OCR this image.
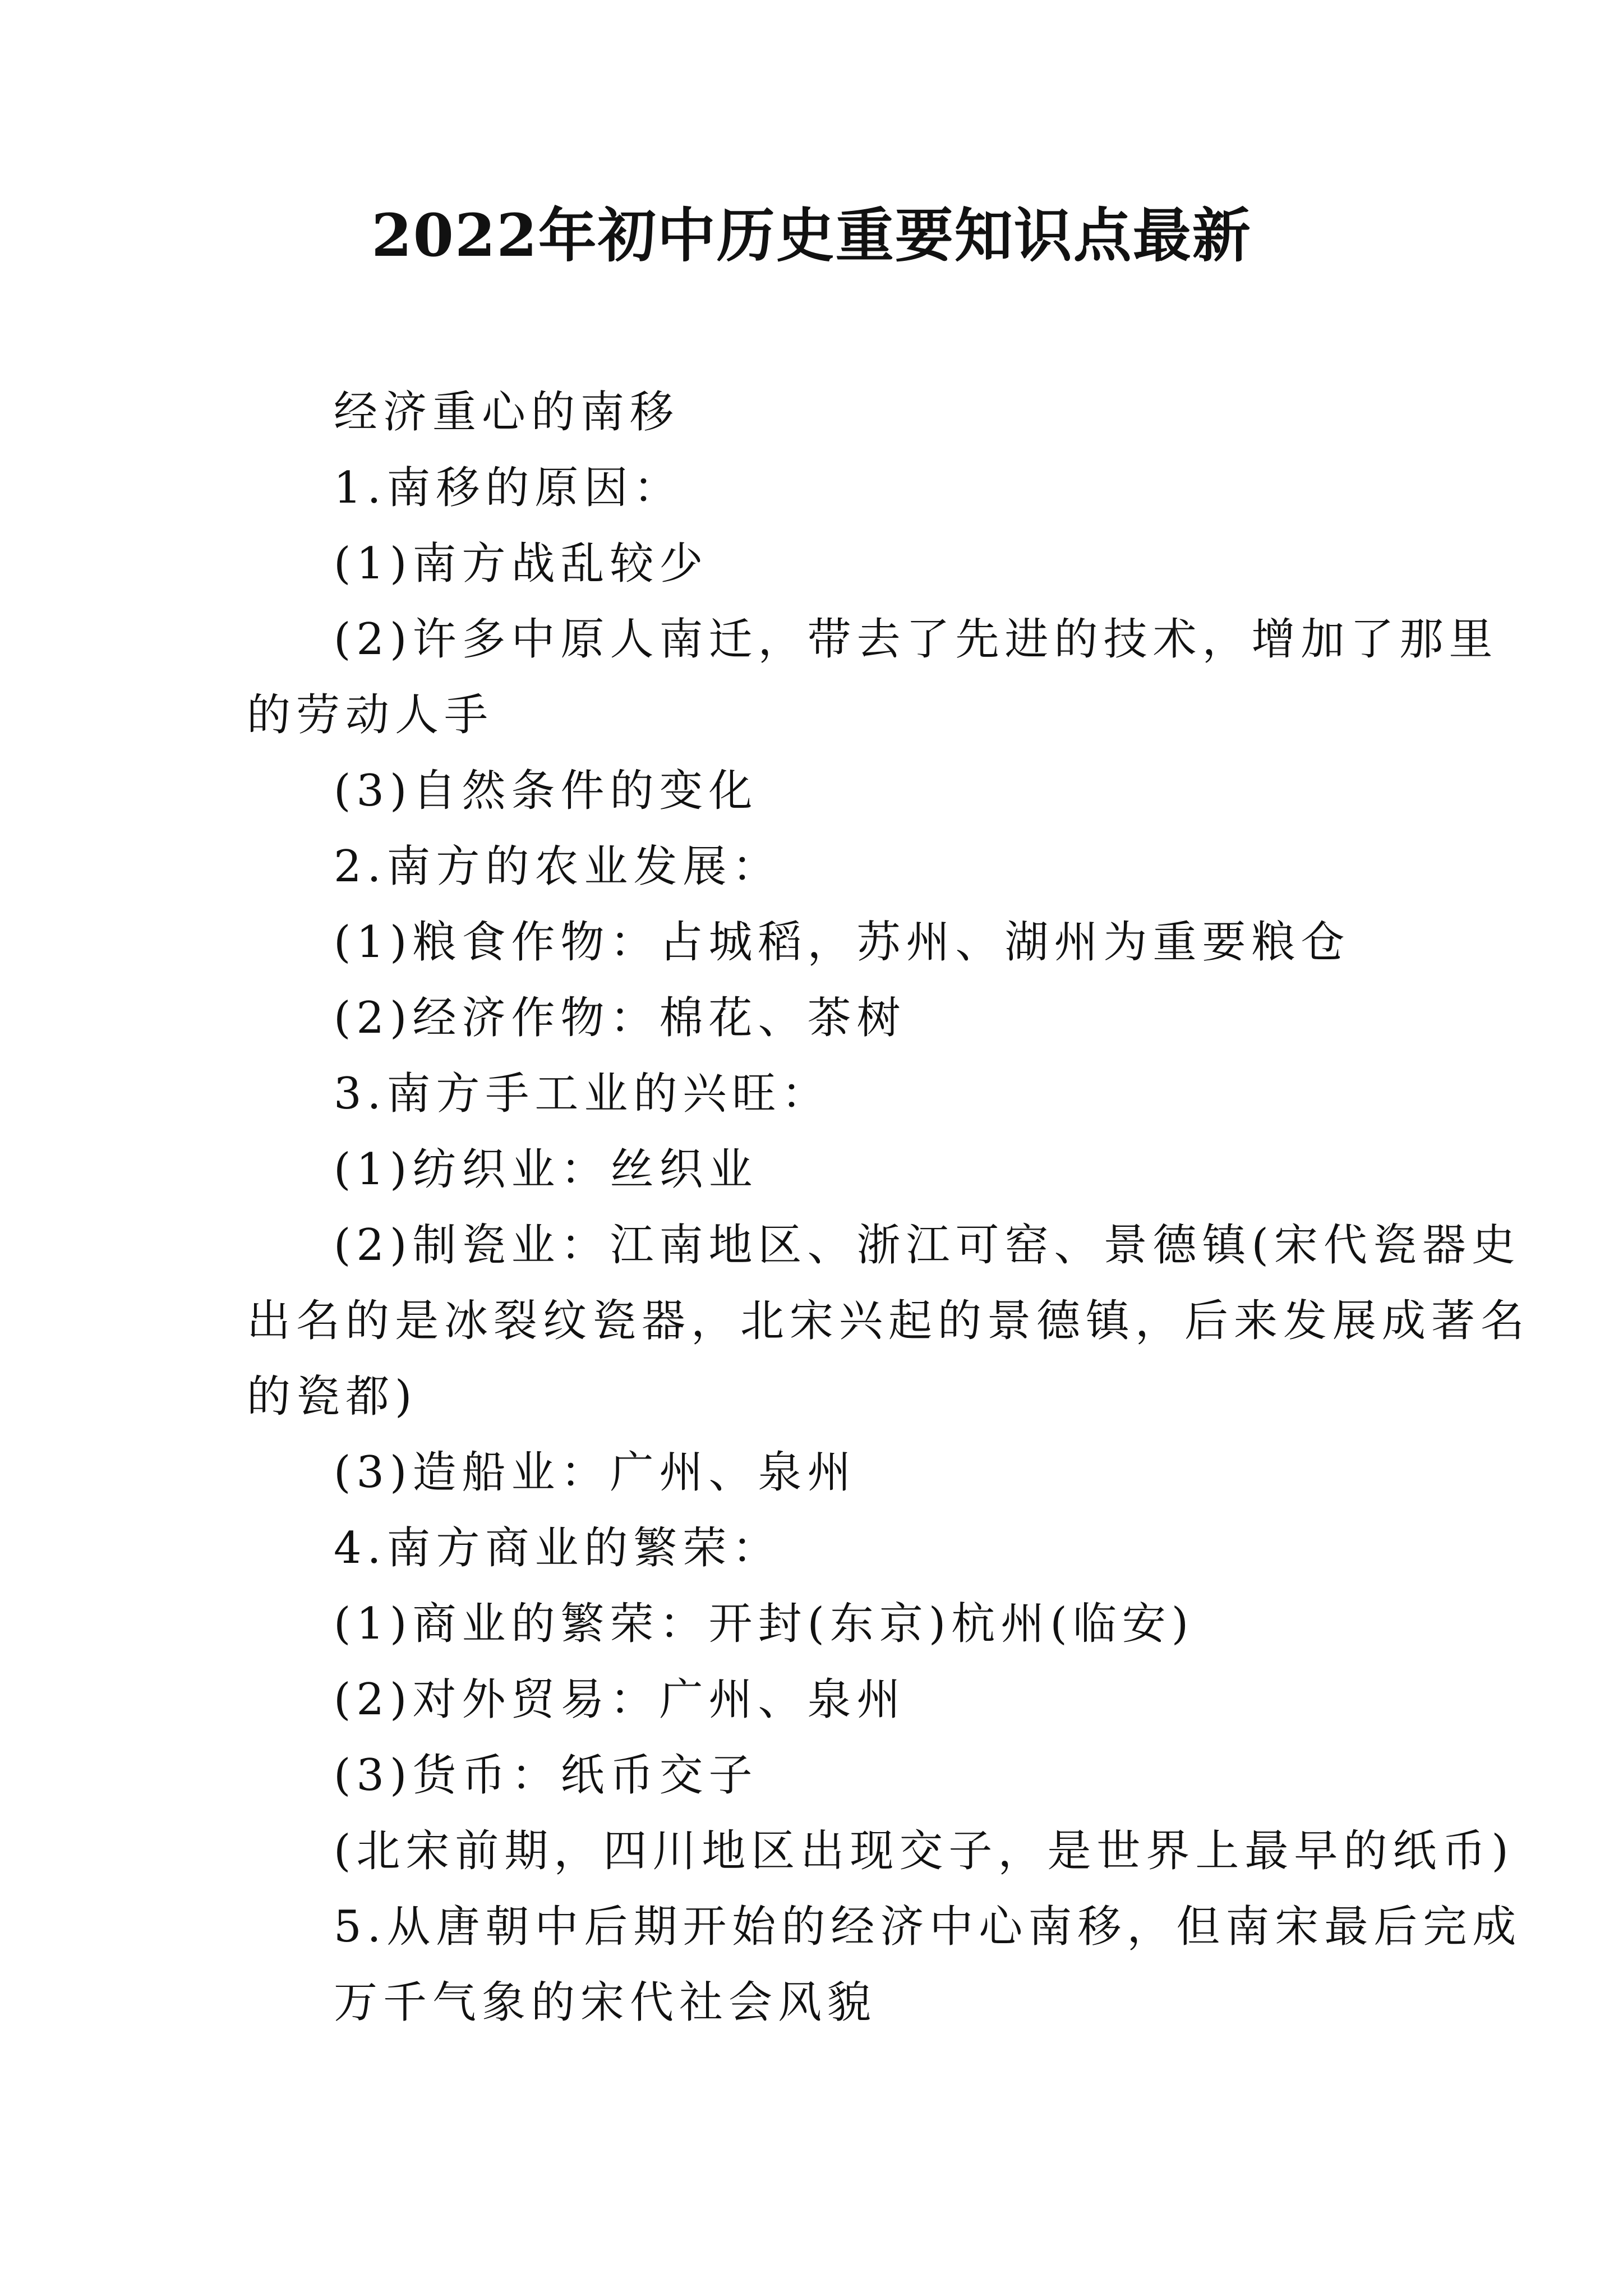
2022年初中历史重要知识点最新
经济重心的南移
1.南移的原因：
(1)南方战乱较少
(2)许多中原人南迁，带去了先进的技术，增加了那里
的劳动人手
(3)自然条件的变化
2.南方的农业发展：
(1)粮食作物：占城稻，苏州、湖州为重要粮仓
(2)经济作物：棉花、茶树
3.南方手工业的兴旺：
(1)纺织业：丝织业
(2)制瓷业：江南地区、浙江可窑、景德镇(宋代瓷器史
出名的是冰裂纹瓷器，北宋兴起的景德镇，后来发展成著名
的瓷都)
(3)造船业：广州、泉州
4.南方商业的繁荣：
(1)商业的繁荣：开封(东京)杭州(临安)
(2)对外贸易：广州、泉州
(3)货币：纸币交子
(北宋前期，四川地区出现交子，是世界上最早的纸币)
5.从唐朝中后期开始的经济中心南移，但南宋最后完成
万千气象的宋代社会风貌
